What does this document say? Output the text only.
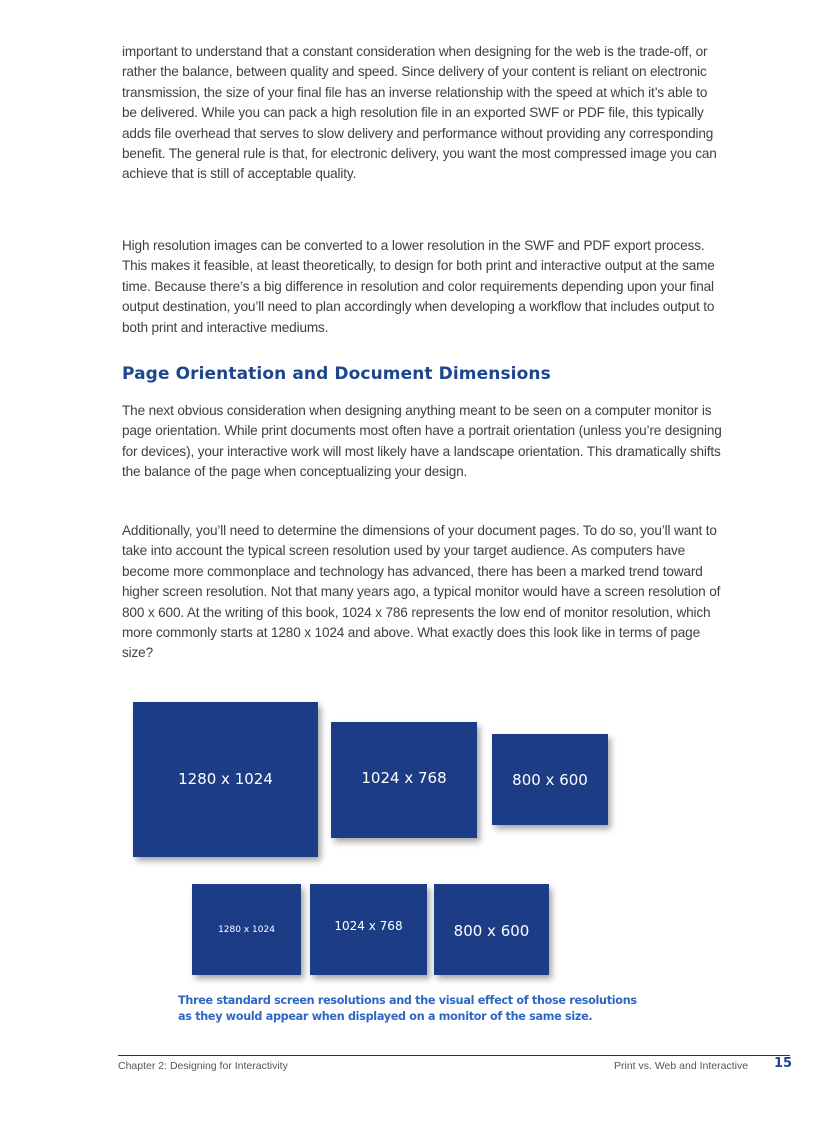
important to understand that a constant consideration when designing for the web is the trade-off, or rather the balance, between quality and speed. Since delivery of your content is reliant on electronic transmission, the size of your final file has an inverse relationship with the speed at which it’s able to be delivered. While you can pack a high resolution file in an exported SWF or PDF file, this typically adds file overhead that serves to slow delivery and performance without providing any corresponding benefit. The general rule is that, for electronic delivery, you want the most compressed image you can achieve that is still of acceptable quality.

High resolution images can be converted to a lower resolution in the SWF and PDF export process. This makes it feasible, at least theoretically, to design for both print and interactive output at the same time. Because there’s a big difference in resolution and color requirements depending upon your final output destination, you’ll need to plan accordingly when developing a workflow that includes output to both print and interactive mediums.

Page Orientation and Document Dimensions

The next obvious consideration when designing anything meant to be seen on a computer monitor is page orientation. While print documents most often have a portrait orientation (unless you’re designing for devices), your interactive work will most likely have a landscape orientation. This dramatically shifts the balance of the page when conceptualizing your design.

Additionally, you’ll need to determine the dimensions of your document pages. To do so, you’ll want to take into account the typical screen resolution used by your target audience. As computers have become more commonplace and technology has advanced, there has been a marked trend toward higher screen resolution. Not that many years ago, a typical monitor would have a screen resolution of 800 x 600. At the writing of this book, 1024 x 786 represents the low end of monitor resolution, which more commonly starts at 1280 x 1024 and above. What exactly does this look like in terms of page size?

1280 x 1024	1024 x 768	800 x 600
1280 x 1024	1024 x 768	800 x 600

Three standard screen resolutions and the visual effect of those resolutions
as they would appear when displayed on a monitor of the same size.

Chapter 2: Designing for Interactivity	Print vs. Web and Interactive 15
